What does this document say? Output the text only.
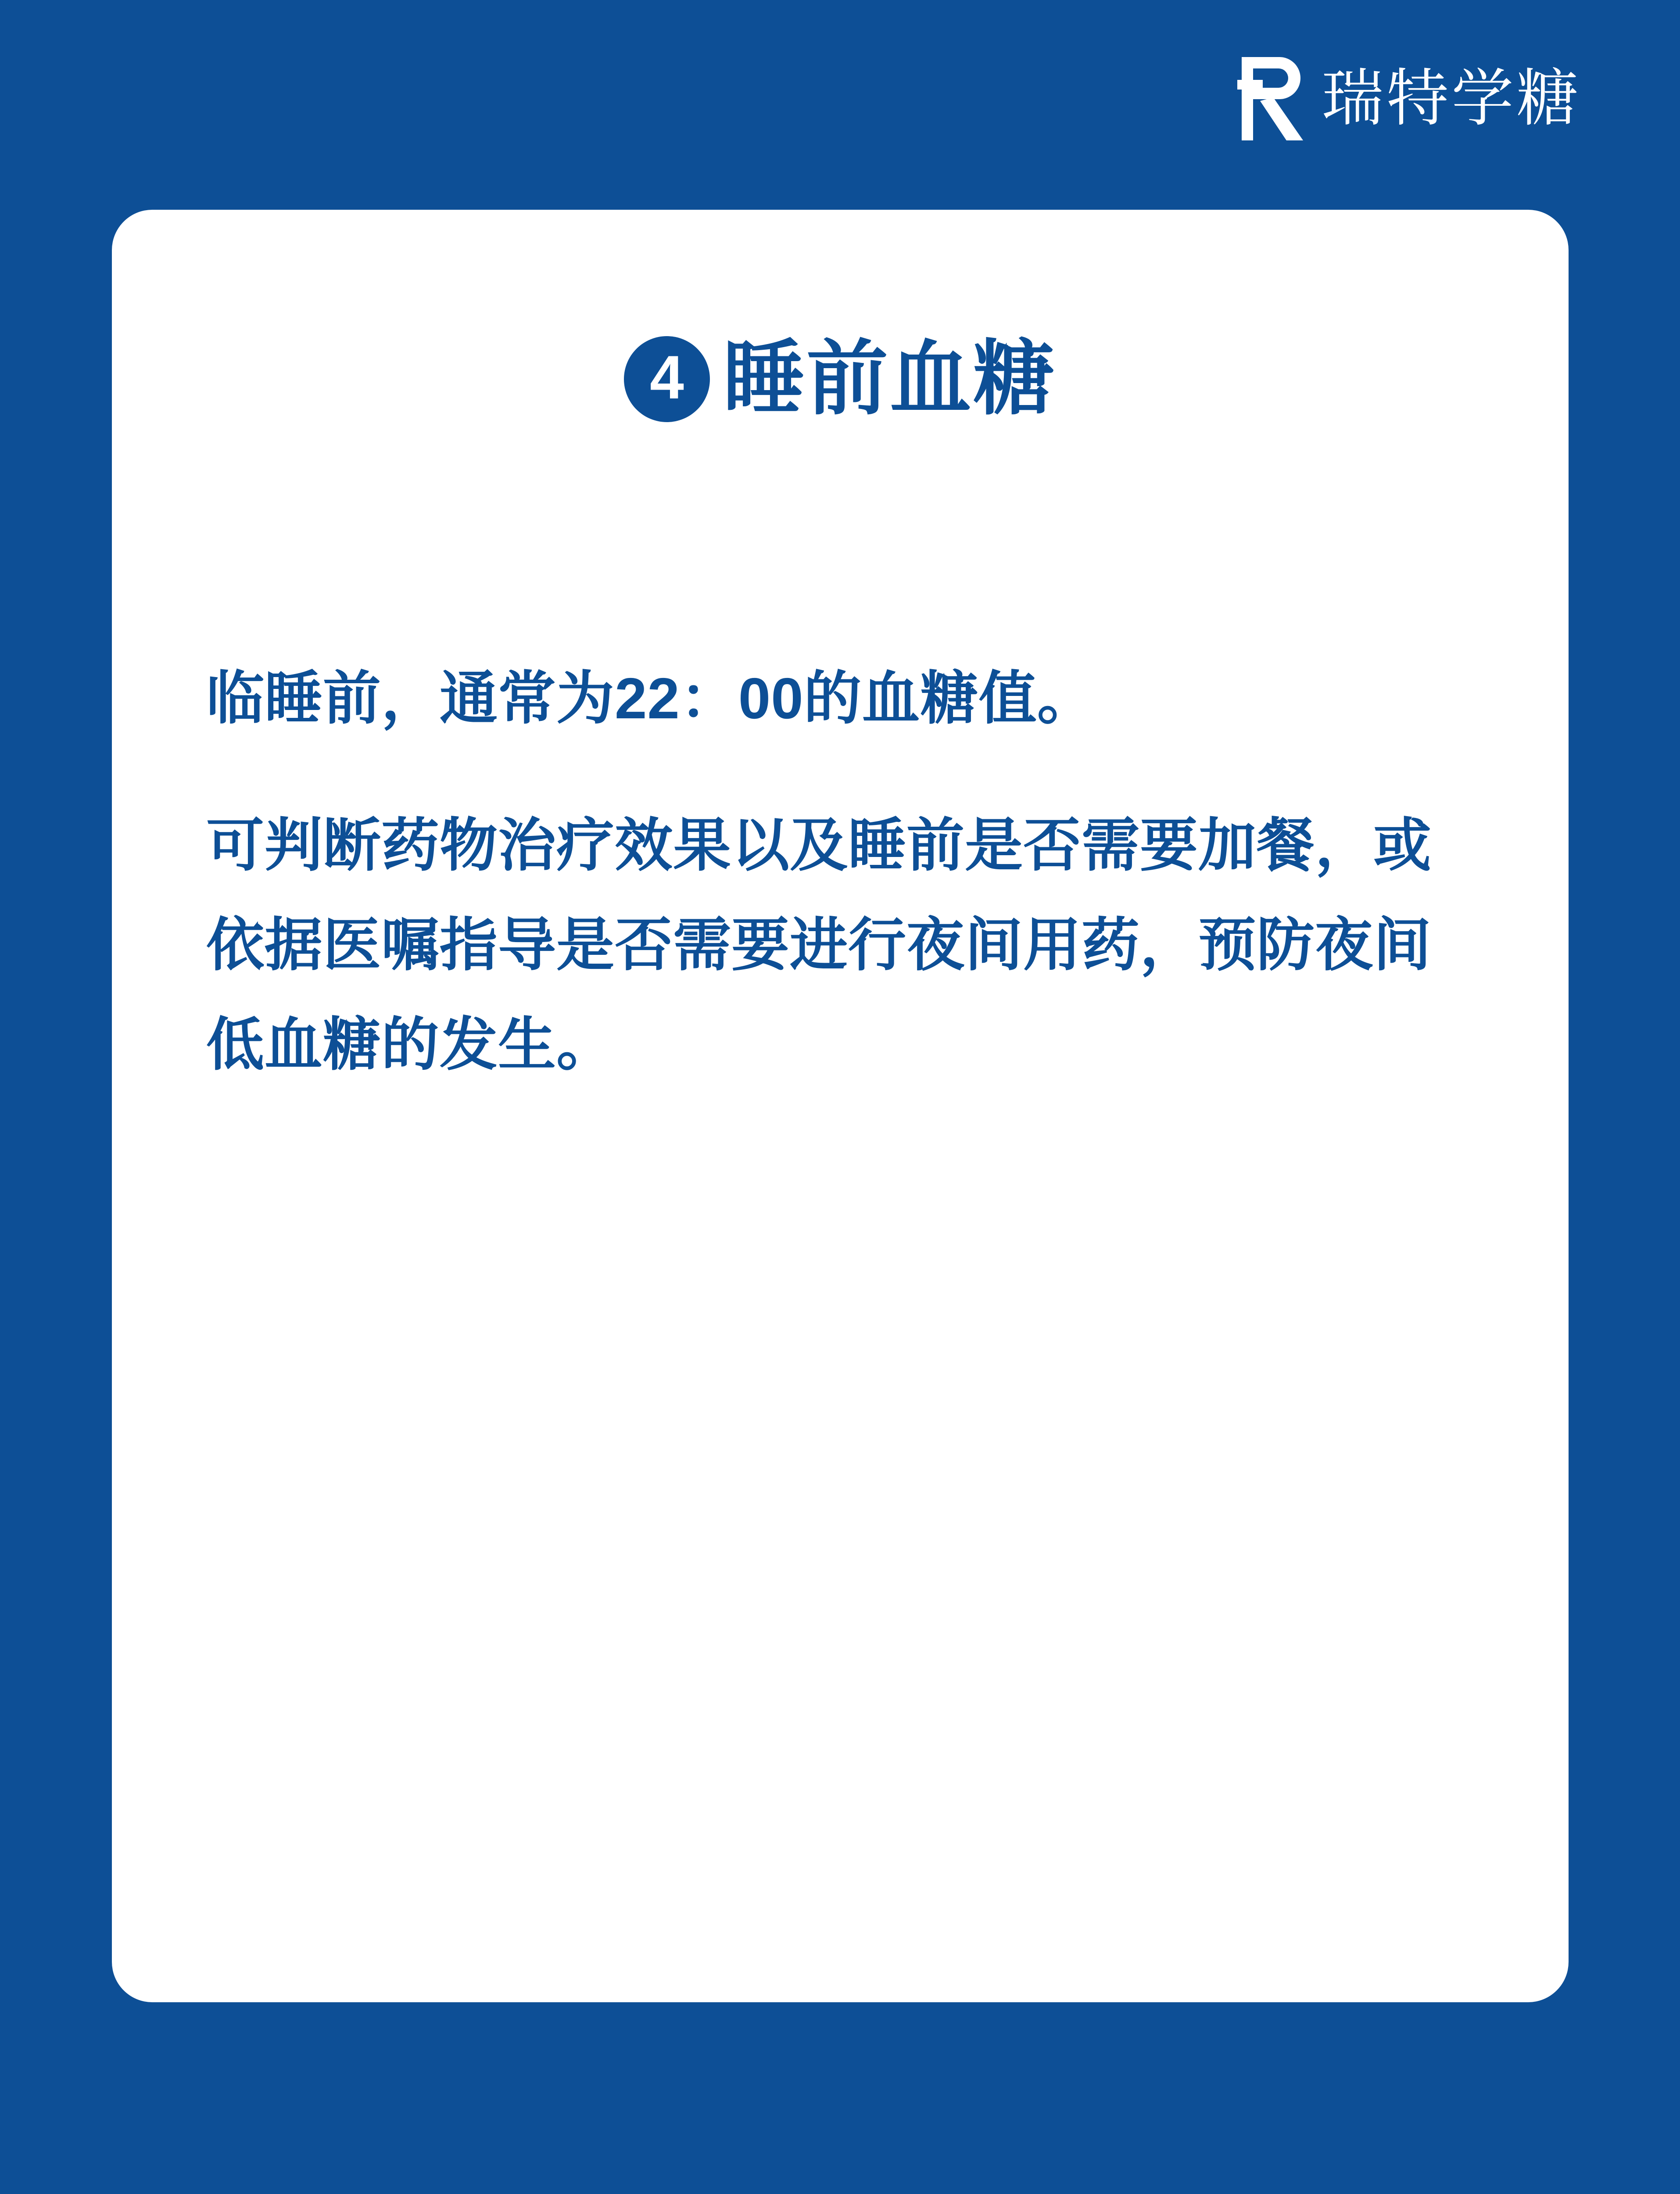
瑞特学糖
4 睡前血糖

临睡前，通常为22：00的血糖值。

可判断药物治疗效果以及睡前是否需要加餐，或依据医嘱指导是否需要进行夜间用药，预防夜间低血糖的发生。
